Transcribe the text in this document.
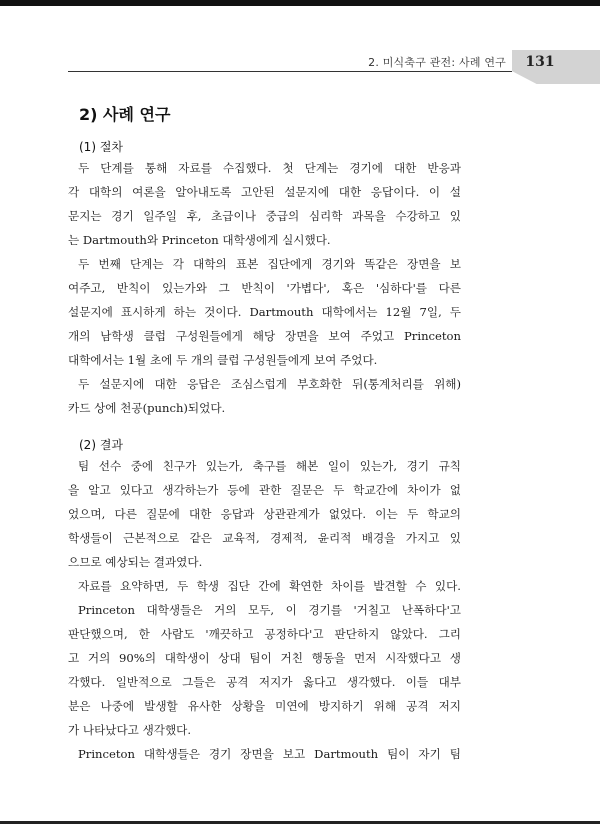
2. 미식축구 관전: 사례 연구	131
2) 사례 연구
(1) 절차
두 단계를 통해 자료를 수집했다. 첫 단계는 경기에 대한 반응과
각 대학의 여론을 알아내도록 고안된 설문지에 대한 응답이다. 이 설
문지는 경기 일주일 후, 초급이나 중급의 심리학 과목을 수강하고 있
는 Dartmouth와 Princeton 대학생에게 실시했다.
두 번째 단계는 각 대학의 표본 집단에게 경기와 똑같은 장면을 보
여주고, 반칙이 있는가와 그 반칙이 '가볍다', 혹은 '심하다'를 다른
설문지에 표시하게 하는 것이다. Dartmouth 대학에서는 12월 7일, 두
개의 남학생 클럽 구성원들에게 해당 장면을 보여 주었고 Princeton
대학에서는 1월 초에 두 개의 클럽 구성원들에게 보여 주었다.
두 설문지에 대한 응답은 조심스럽게 부호화한 뒤(통계처리를 위해)
카드 상에 천공(punch)되었다.
(2) 결과
팀 선수 중에 친구가 있는가, 축구를 해본 일이 있는가, 경기 규칙
을 알고 있다고 생각하는가 등에 관한 질문은 두 학교간에 차이가 없
었으며, 다른 질문에 대한 응답과 상관관계가 없었다. 이는 두 학교의
학생들이 근본적으로 같은 교육적, 경제적, 윤리적 배경을 가지고 있
으므로 예상되는 결과였다.
자료를 요약하면, 두 학생 집단 간에 확연한 차이를 발견할 수 있다.
Princeton 대학생들은 거의 모두, 이 경기를 '거칠고 난폭하다'고
판단했으며, 한 사람도 '깨끗하고 공정하다'고 판단하지 않았다. 그리
고 거의 90%의 대학생이 상대 팀이 거친 행동을 먼저 시작했다고 생
각했다. 일반적으로 그들은 공격 저지가 옳다고 생각했다. 이들 대부
분은 나중에 발생할 유사한 상황을 미연에 방지하기 위해 공격 저지
가 나타났다고 생각했다.
Princeton 대학생들은 경기 장면을 보고 Dartmouth 팀이 자기 팀
